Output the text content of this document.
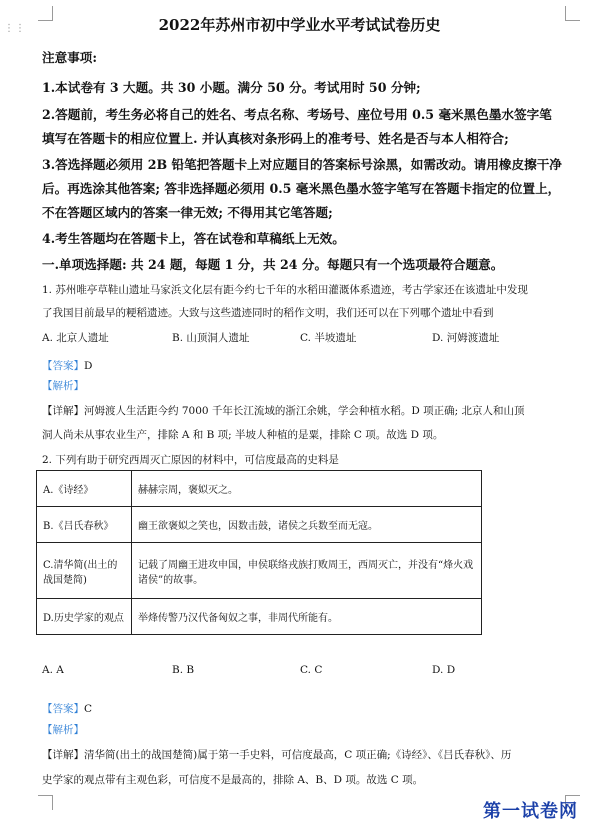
⋮⋮	2022年苏州市初中学业水平考试试卷历史
注意事项:
1.本试卷有 3 大题。共 30 小题。满分 50 分。考试用时 50 分钟;
2.答题前，考生务必将自己的姓名、考点名称、考场号、座位号用 0.5 毫米黑色墨水签字笔
填写在答题卡的相应位置上. 并认真核对条形码上的准考号、姓名是否与本人相符合;
3.答选择题必须用 2B 铅笔把答题卡上对应题目的答案标号涂黑，如需改动。请用橡皮擦干净
后。再选涂其他答案; 答非选择题必须用 0.5 毫米黑色墨水签字笔写在答题卡指定的位置上，
不在答题区域内的答案一律无效; 不得用其它笔答题;
4.考生答题均在答题卡上，答在试卷和草稿纸上无效。
一.单项选择题: 共 24 题，每题 1 分，共 24 分。每题只有一个选项最符合题意。
1. 苏州唯亭草鞋山遗址马家浜文化层有距今约七千年的水稻田灌溉体系遗迹，考古学家还在该遗址中发现
了我国目前最早的粳稻遗迹。大致与这些遗迹同时的稻作文明，我们还可以在下列哪个遗址中看到
A. 北京人遗址	B. 山顶洞人遗址	C. 半坡遗址	D. 河姆渡遗址
【答案】D
【解析】
【详解】河姆渡人生活距今约 7000 千年长江流域的浙江余姚，学会种植水稻。D 项正确; 北京人和山顶
洞人尚未从事农业生产，排除 A 和 B 项; 半坡人种植的是粟，排除 C 项。故选 D 项。
2. 下列有助于研究西周灭亡原因的材料中，可信度最高的史料是
A.《诗经》	赫赫宗周，褒姒灭之。
B.《吕氏春秋》	幽王欲褒姒之笑也，因数击鼓，诸侯之兵数至而无寇。
C.清华简(出土的战国楚简)	记载了周幽王进攻申国，申侯联络戎族打败周王，西周灭亡，并没有“烽火戏诸侯”的故事。
D.历史学家的观点	举烽传警乃汉代备匈奴之事，非周代所能有。
A. A	B. B	C. C	D. D
【答案】C
【解析】
【详解】清华简(出土的战国楚简)属于第一手史料，可信度最高，C 项正确;《诗经》、《吕氏春秋》、历
史学家的观点带有主观色彩，可信度不是最高的，排除 A、B、D 项。故选 C 项。
第一试卷网
